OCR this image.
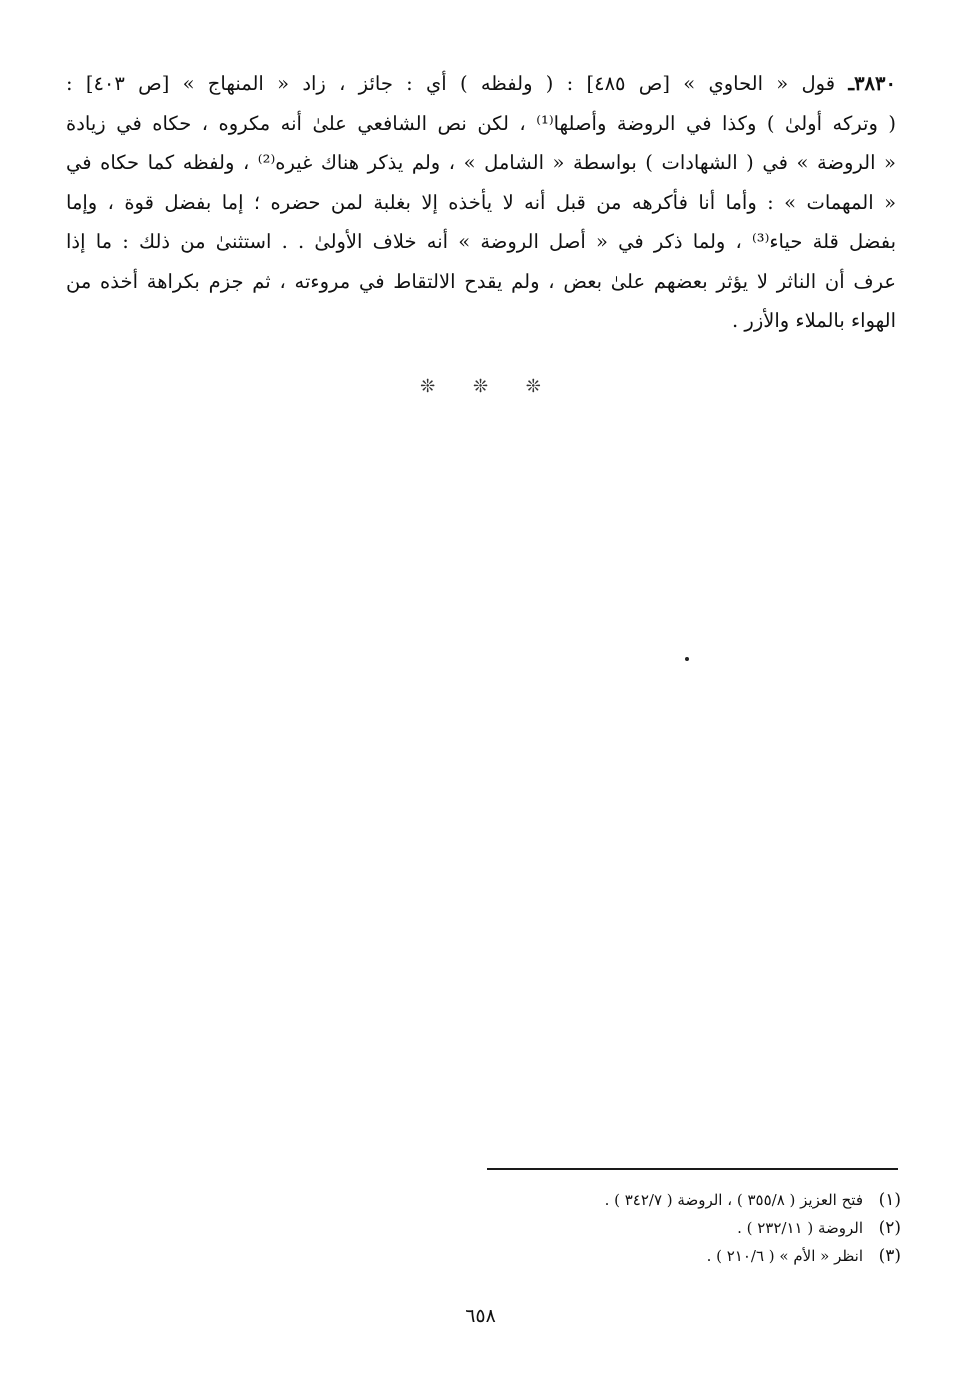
٣٨٣٠ـ قول « الحاوي » [ص ٤٨٥] : ( ولفظه ) أي : جائز ، زاد « المنهاج » [ص ٤٠٣] :
( وتركه أولىٰ ) وكذا في الروضة وأصلها⁽¹⁾ ، لكن نص الشافعي علىٰ أنه مكروه ، حكاه في زيادة
« الروضة » في ( الشهادات ) بواسطة « الشامل » ، ولم يذكر هناك غيره⁽²⁾ ، ولفظه كما حكاه في
« المهمات » : وأما أنا فأكرهه من قبل أنه لا يأخذه إلا بغلبة لمن حضره ؛ إما بفضل قوة ، وإما
بفضل قلة حياء⁽³⁾ ، ولما ذكر في « أصل الروضة » أنه خلاف الأولىٰ . . استثنىٰ من ذلك : ما إذا
عرف أن الناثر لا يؤثر بعضهم علىٰ بعض ، ولم يقدح الالتقاط في مروءته ، ثم جزم بكراهة أخذه من
الهواء بالملاء والأزر .
❊ ❊ ❊
(١)فتح العزيز ( ٣٥٥/٨ ) ، الروضة ( ٣٤٢/٧ ) .
(٢)الروضة ( ٢٣٢/١١ ) .
(٣)انظر « الأم » ( ٢١٠/٦ ) .
٦٥٨
